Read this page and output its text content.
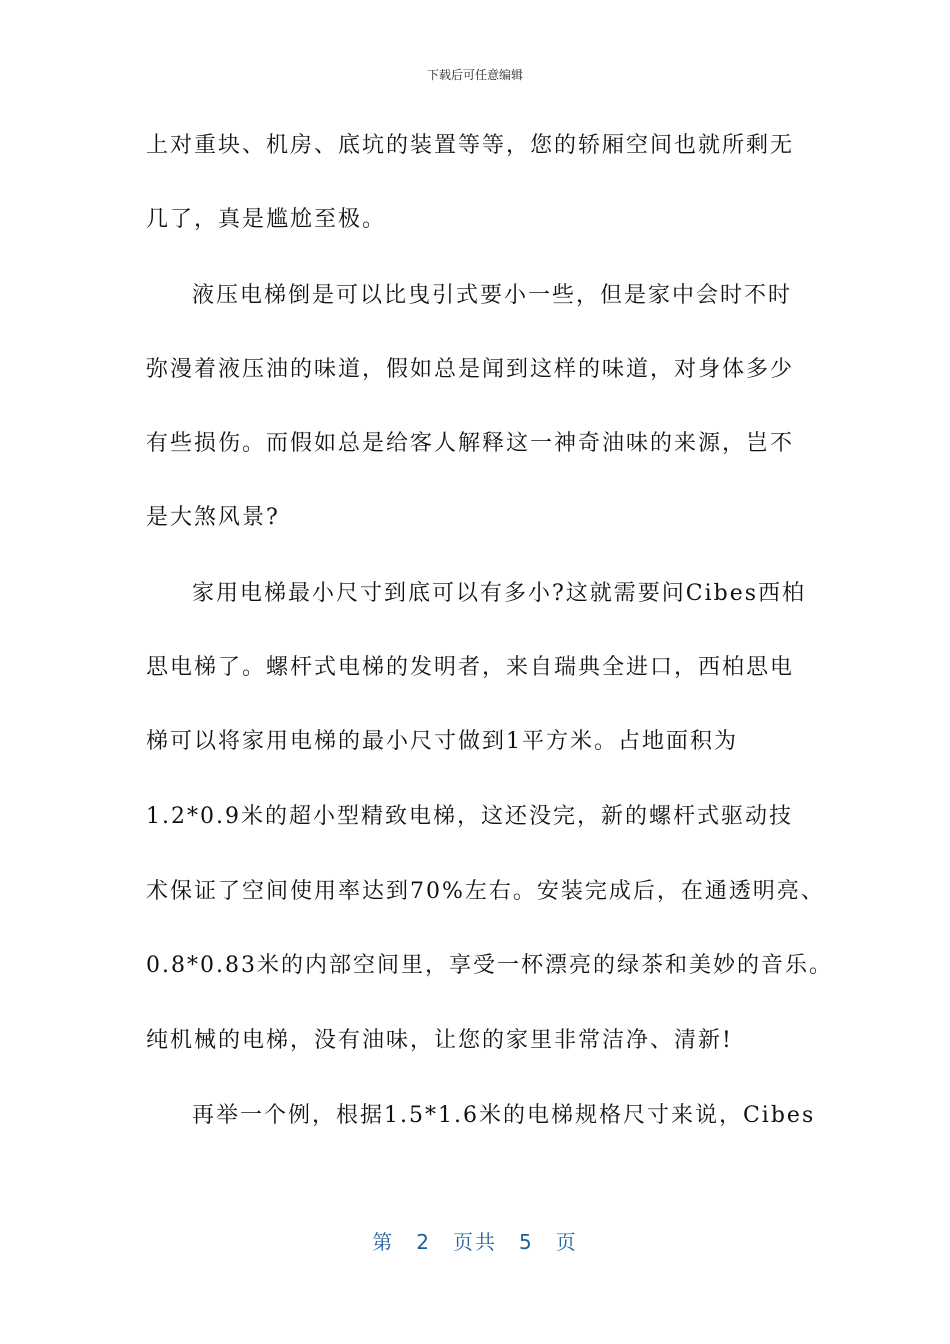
下载后可任意编辑
上对重块、机房、底坑的装置等等，您的轿厢空间也就所剩无
几了，真是尴尬至极。
液压电梯倒是可以比曳引式要小一些，但是家中会时不时
弥漫着液压油的味道，假如总是闻到这样的味道，对身体多少
有些损伤。而假如总是给客人解释这一神奇油味的来源，岂不
是大煞风景?
家用电梯最小尺寸到底可以有多小?这就需要问Cibes西柏
思电梯了。螺杆式电梯的发明者，来自瑞典全进口，西柏思电
梯可以将家用电梯的最小尺寸做到1平方米。占地面积为
1.2*0.9米的超小型精致电梯，这还没完，新的螺杆式驱动技
术保证了空间使用率达到70%左右。安装完成后，在通透明亮、
0.8*0.83米的内部空间里，享受一杯漂亮的绿茶和美妙的音乐。
纯机械的电梯，没有油味，让您的家里非常洁净、清新!
再举一个例，根据1.5*1.6米的电梯规格尺寸来说，Cibes
第 2 页共 5 页
